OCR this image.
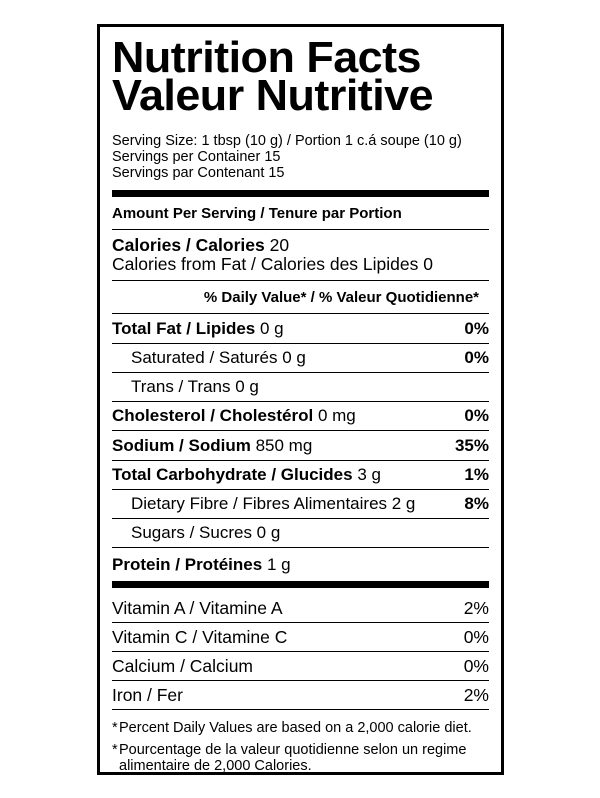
Nutrition Facts
Valeur Nutritive
Serving Size: 1 tbsp (10 g) / Portion 1 c.á soupe (10 g)
Servings per Container 15
Servings par Contenant 15
Amount Per Serving / Tenure par Portion
Calories / Calories 20
Calories from Fat / Calories des Lipides 0
% Daily Value* / % Valeur Quotidienne*
Total Fat / Lipides 0 g	0%
Saturated / Saturés 0 g	0%
Trans / Trans 0 g
Cholesterol / Cholestérol 0 mg	0%
Sodium / Sodium 850 mg	35%
Total Carbohydrate / Glucides 3 g	1%
Dietary Fibre / Fibres Alimentaires 2 g	8%
Sugars / Sucres 0 g
Protein / Protéines 1 g
Vitamin A / Vitamine A	2%
Vitamin C / Vitamine C	0%
Calcium / Calcium	0%
Iron / Fer	2%
* Percent Daily Values are based on a 2,000 calorie diet.
* Pourcentage de la valeur quotidienne selon un regime alimentaire de 2,000 Calories.
